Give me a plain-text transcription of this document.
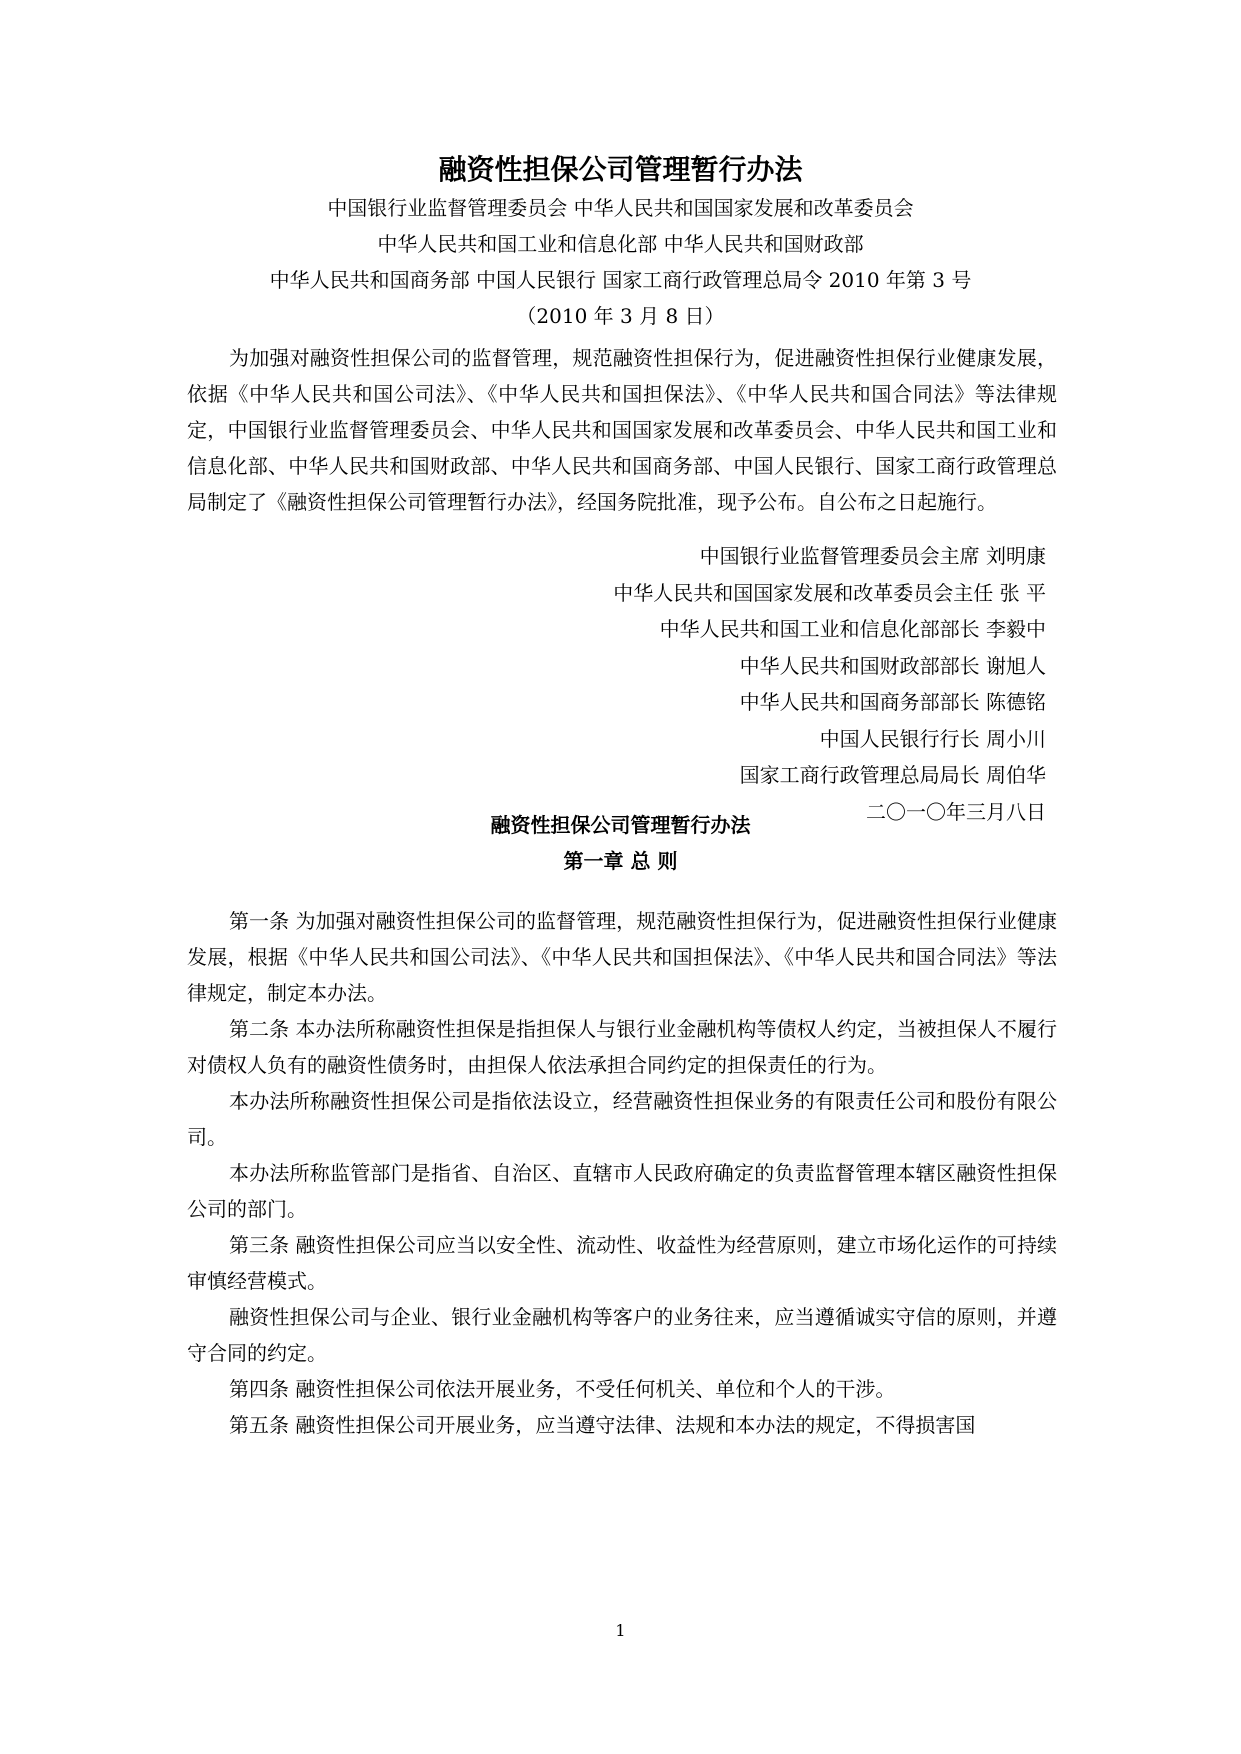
融资性担保公司管理暂行办法
中国银行业监督管理委员会 中华人民共和国国家发展和改革委员会
中华人民共和国工业和信息化部 中华人民共和国财政部
中华人民共和国商务部 中国人民银行 国家工商行政管理总局令 2010 年第 3 号
（2010 年 3 月 8 日）

为加强对融资性担保公司的监督管理，规范融资性担保行为，促进融资性担保行业健康发展，依据《中华人民共和国公司法》、《中华人民共和国担保法》、《中华人民共和国合同法》等法律规定，中国银行业监督管理委员会、中华人民共和国国家发展和改革委员会、中华人民共和国工业和信息化部、中华人民共和国财政部、中华人民共和国商务部、中国人民银行、国家工商行政管理总局制定了《融资性担保公司管理暂行办法》，经国务院批准，现予公布。自公布之日起施行。

中国银行业监督管理委员会主席 刘明康
中华人民共和国国家发展和改革委员会主任 张 平
中华人民共和国工业和信息化部部长 李毅中
中华人民共和国财政部部长 谢旭人
中华人民共和国商务部部长 陈德铭
中国人民银行行长 周小川
国家工商行政管理总局局长 周伯华
二〇一〇年三月八日
融资性担保公司管理暂行办法
第一章 总 则

第一条 为加强对融资性担保公司的监督管理，规范融资性担保行为，促进融资性担保行业健康发展，根据《中华人民共和国公司法》、《中华人民共和国担保法》、《中华人民共和国合同法》等法律规定，制定本办法。

第二条 本办法所称融资性担保是指担保人与银行业金融机构等债权人约定，当被担保人不履行对债权人负有的融资性债务时，由担保人依法承担合同约定的担保责任的行为。

本办法所称融资性担保公司是指依法设立，经营融资性担保业务的有限责任公司和股份有限公司。

本办法所称监管部门是指省、自治区、直辖市人民政府确定的负责监督管理本辖区融资性担保公司的部门。

第三条 融资性担保公司应当以安全性、流动性、收益性为经营原则，建立市场化运作的可持续审慎经营模式。

融资性担保公司与企业、银行业金融机构等客户的业务往来，应当遵循诚实守信的原则，并遵守合同的约定。

第四条 融资性担保公司依法开展业务，不受任何机关、单位和个人的干涉。

第五条 融资性担保公司开展业务，应当遵守法律、法规和本办法的规定，不得损害国

1
